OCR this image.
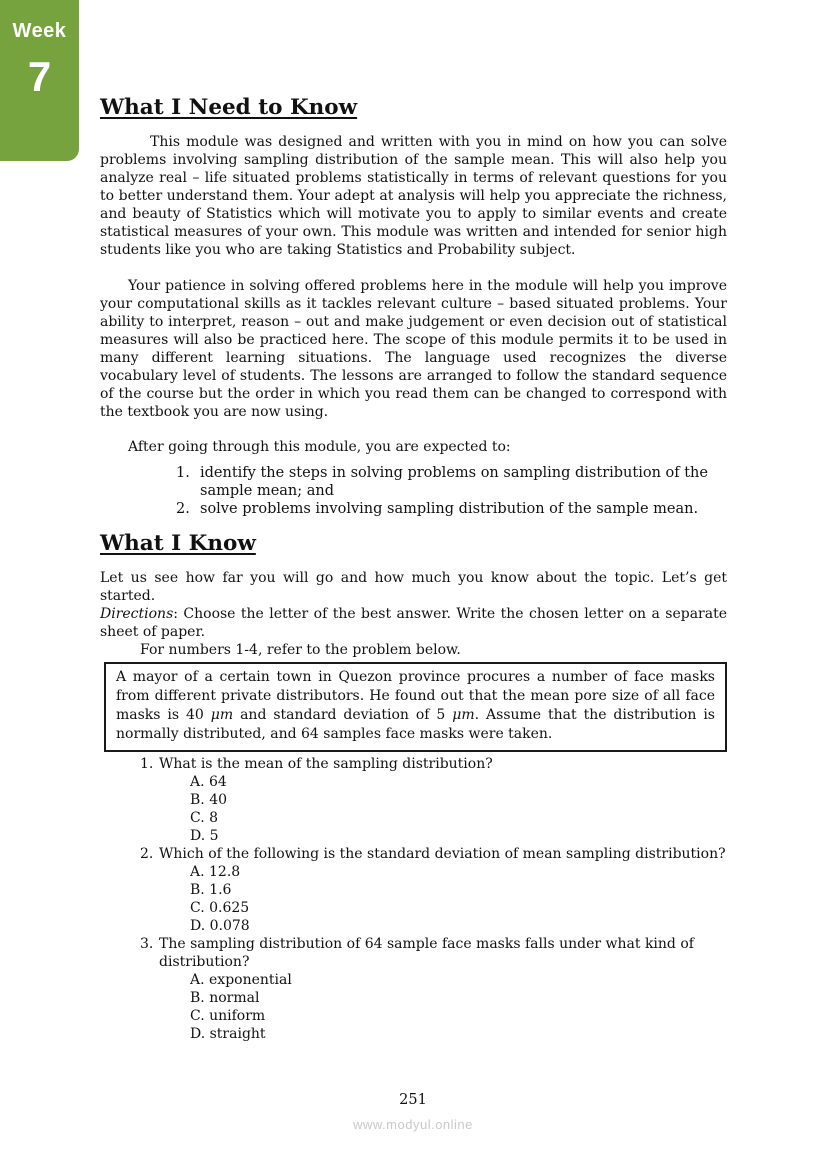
Week
7
What I Need to Know

This module was designed and written with you in mind on how you can solve problems involving sampling distribution of the sample mean. This will also help you analyze real – life situated problems statistically in terms of relevant questions for you to better understand them. Your adept at analysis will help you appreciate the richness, and beauty of Statistics which will motivate you to apply to similar events and create statistical measures of your own. This module was written and intended for senior high students like you who are taking Statistics and Probability subject.

Your patience in solving offered problems here in the module will help you improve your computational skills as it tackles relevant culture – based situated problems. Your ability to interpret, reason – out and make judgement or even decision out of statistical measures will also be practiced here. The scope of this module permits it to be used in many different learning situations. The language used recognizes the diverse vocabulary level of students. The lessons are arranged to follow the standard sequence of the course but the order in which you read them can be changed to correspond with the textbook you are now using.

After going through this module, you are expected to:

1. identify the steps in solving problems on sampling distribution of the sample mean; and
2. solve problems involving sampling distribution of the sample mean.
What I Know

Let us see how far you will go and how much you know about the topic. Let’s get started.

Directions: Choose the letter of the best answer. Write the chosen letter on a separate sheet of paper.

For numbers 1-4, refer to the problem below.

A mayor of a certain town in Quezon province procures a number of face masks from different private distributors. He found out that the mean pore size of all face masks is 40 μm and standard deviation of 5 μm. Assume that the distribution is normally distributed, and 64 samples face masks were taken.
1. What is the mean of the sampling distribution?
A. 64
B. 40
C. 8
D. 5
2. Which of the following is the standard deviation of mean sampling distribution?
A. 12.8
B. 1.6
C. 0.625
D. 0.078
3. The sampling distribution of 64 sample face masks falls under what kind of distribution?
A. exponential
B. normal
C. uniform
D. straight
251
www.modyul.online
